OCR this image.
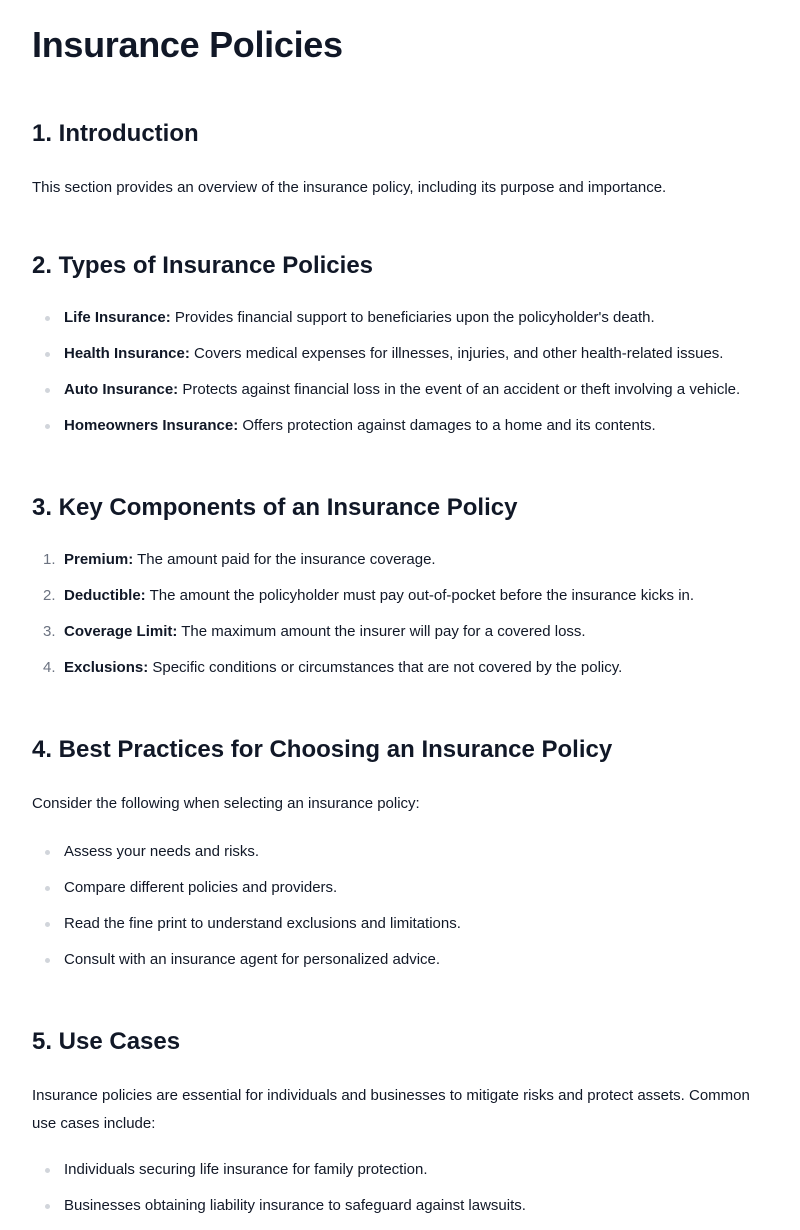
Insurance Policies
1. Introduction

This section provides an overview of the insurance policy, including its purpose and importance.

2. Types of Insurance Policies
Life Insurance: Provides financial support to beneficiaries upon the policyholder's death.
Health Insurance: Covers medical expenses for illnesses, injuries, and other health-related issues.
Auto Insurance: Protects against financial loss in the event of an accident or theft involving a vehicle.
Homeowners Insurance: Offers protection against damages to a home and its contents.
3. Key Components of an Insurance Policy
1. Premium: The amount paid for the insurance coverage.
2. Deductible: The amount the policyholder must pay out-of-pocket before the insurance kicks in.
3. Coverage Limit: The maximum amount the insurer will pay for a covered loss.
4. Exclusions: Specific conditions or circumstances that are not covered by the policy.
4. Best Practices for Choosing an Insurance Policy

Consider the following when selecting an insurance policy:

Assess your needs and risks.
Compare different policies and providers.
Read the fine print to understand exclusions and limitations.
Consult with an insurance agent for personalized advice.
5. Use Cases

Insurance policies are essential for individuals and businesses to mitigate risks and protect assets. Common use cases include:

Individuals securing life insurance for family protection.
Businesses obtaining liability insurance to safeguard against lawsuits.
